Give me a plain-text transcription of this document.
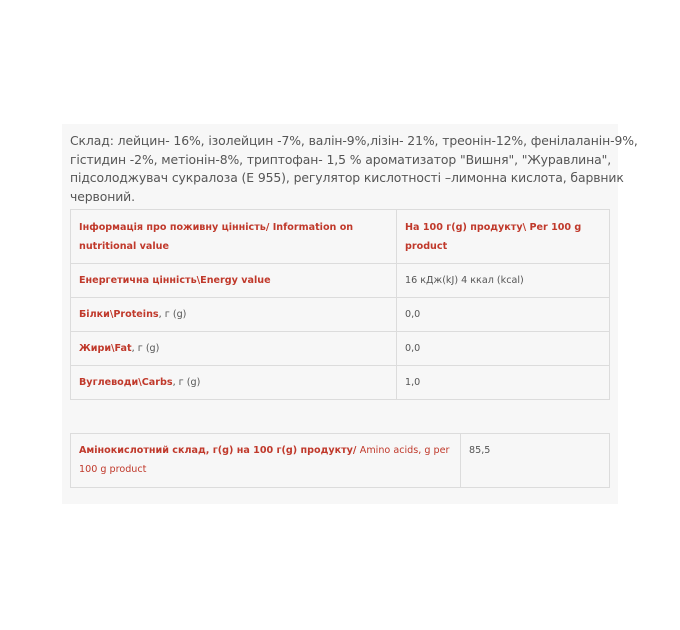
Склад: лейцин- 16%, ізолейцин -7%, валін-9%,лізін- 21%, треонін-12%, фенілаланін-9%,
гістидин -2%, метіонін-8%, триптофан- 1,5 % ароматизатор "Вишня", "Журавлина",
підсолоджувач сукралоза (Е 955), регулятор кислотності –лимонна кислота, барвник
червоний.
Інформація про поживну цінність/ Information on nutritional value	На 100 г(g) продукту\ Per 100 g product
Енергетична цінність\Energy value	16 кДж(kJ) 4 ккал (kcal)
Білки\Proteins, г (g)	0,0
Жири\Fat, г (g)	0,0
Вуглеводи\Carbs, г (g)	1,0
Амінокислотний склад, г(g) на 100 г(g) продукту/ Amino acids, g per 100 g product	85,5
